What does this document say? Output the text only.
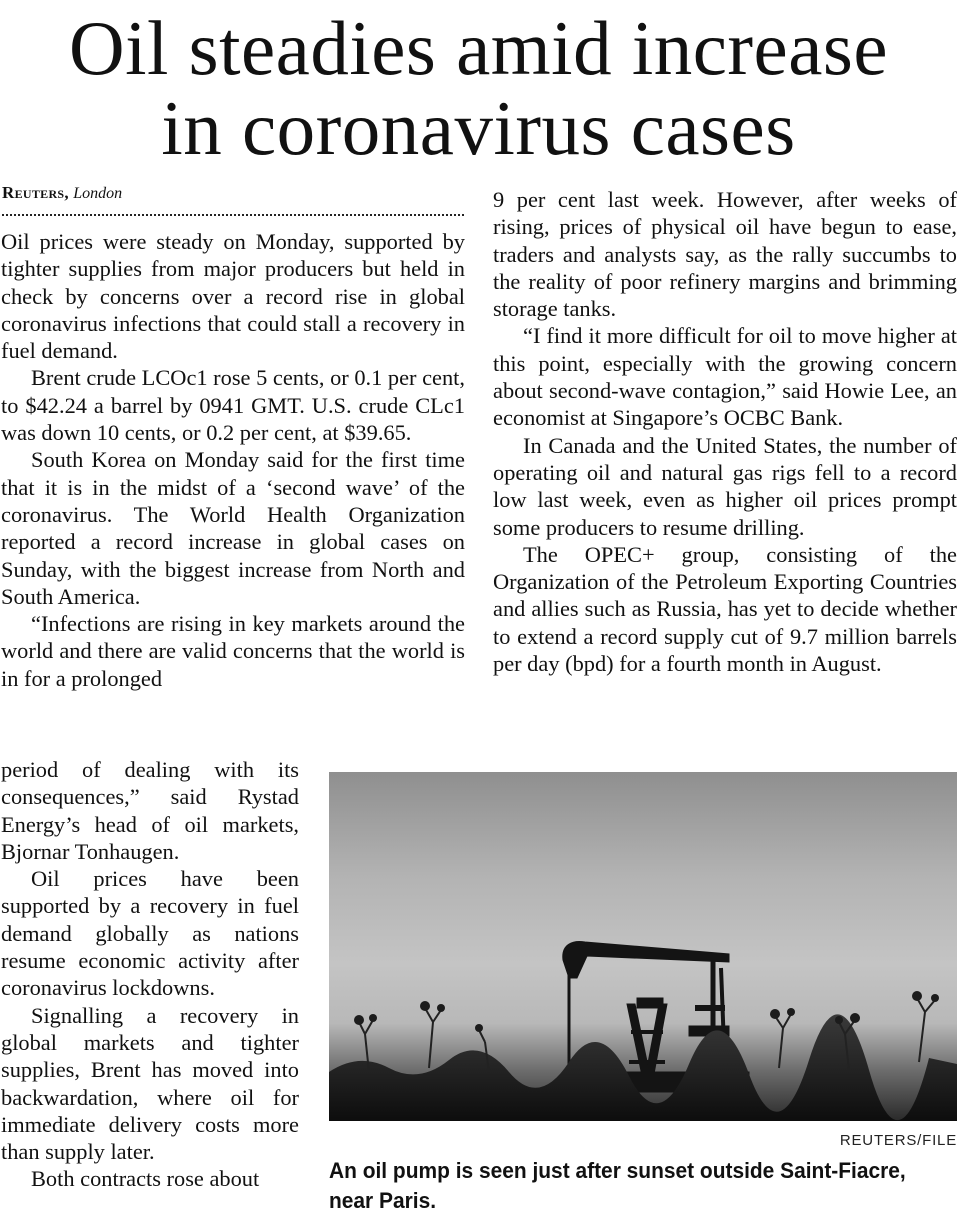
Oil steadies amid increase
in coronavirus cases
Reuters, London

Oil prices were steady on Monday, supported by tighter supplies from major producers but held in check by concerns over a record rise in global coronavirus infections that could stall a recovery in fuel demand.

Brent crude LCOc1 rose 5 cents, or 0.1 per cent, to $42.24 a barrel by 0941 GMT. U.S. crude CLc1 was down 10 cents, or 0.2 per cent, at $39.65.

South Korea on Monday said for the first time that it is in the midst of a ‘second wave’ of the coronavirus. The World Health Organization reported a record increase in global cases on Sunday, with the biggest increase from North and South America.

“Infections are rising in key markets around the world and there are valid concerns that the world is in for a prolonged

period of dealing with its consequences,” said Rystad Energy’s head of oil markets, Bjornar Tonhaugen.

Oil prices have been supported by a recovery in fuel demand globally as nations resume economic activity after coronavirus lockdowns.

Signalling a recovery in global markets and tighter supplies, Brent has moved into backwardation, where oil for immediate delivery costs more than supply later.

Both contracts rose about

9 per cent last week. However, after weeks of rising, prices of physical oil have begun to ease, traders and analysts say, as the rally succumbs to the reality of poor refinery margins and brimming storage tanks.

“I find it more difficult for oil to move higher at this point, especially with the growing concern about second-wave contagion,” said Howie Lee, an economist at Singapore’s OCBC Bank.

In Canada and the United States, the number of operating oil and natural gas rigs fell to a record low last week, even as higher oil prices prompt some producers to resume drilling.

The OPEC+ group, consisting of the Organization of the Petroleum Exporting Countries and allies such as Russia, has yet to decide whether to extend a record supply cut of 9.7 million barrels per day (bpd) for a fourth month in August.

REUTERS/FILE
An oil pump is seen just after sunset outside Saint-Fiacre, near Paris.
